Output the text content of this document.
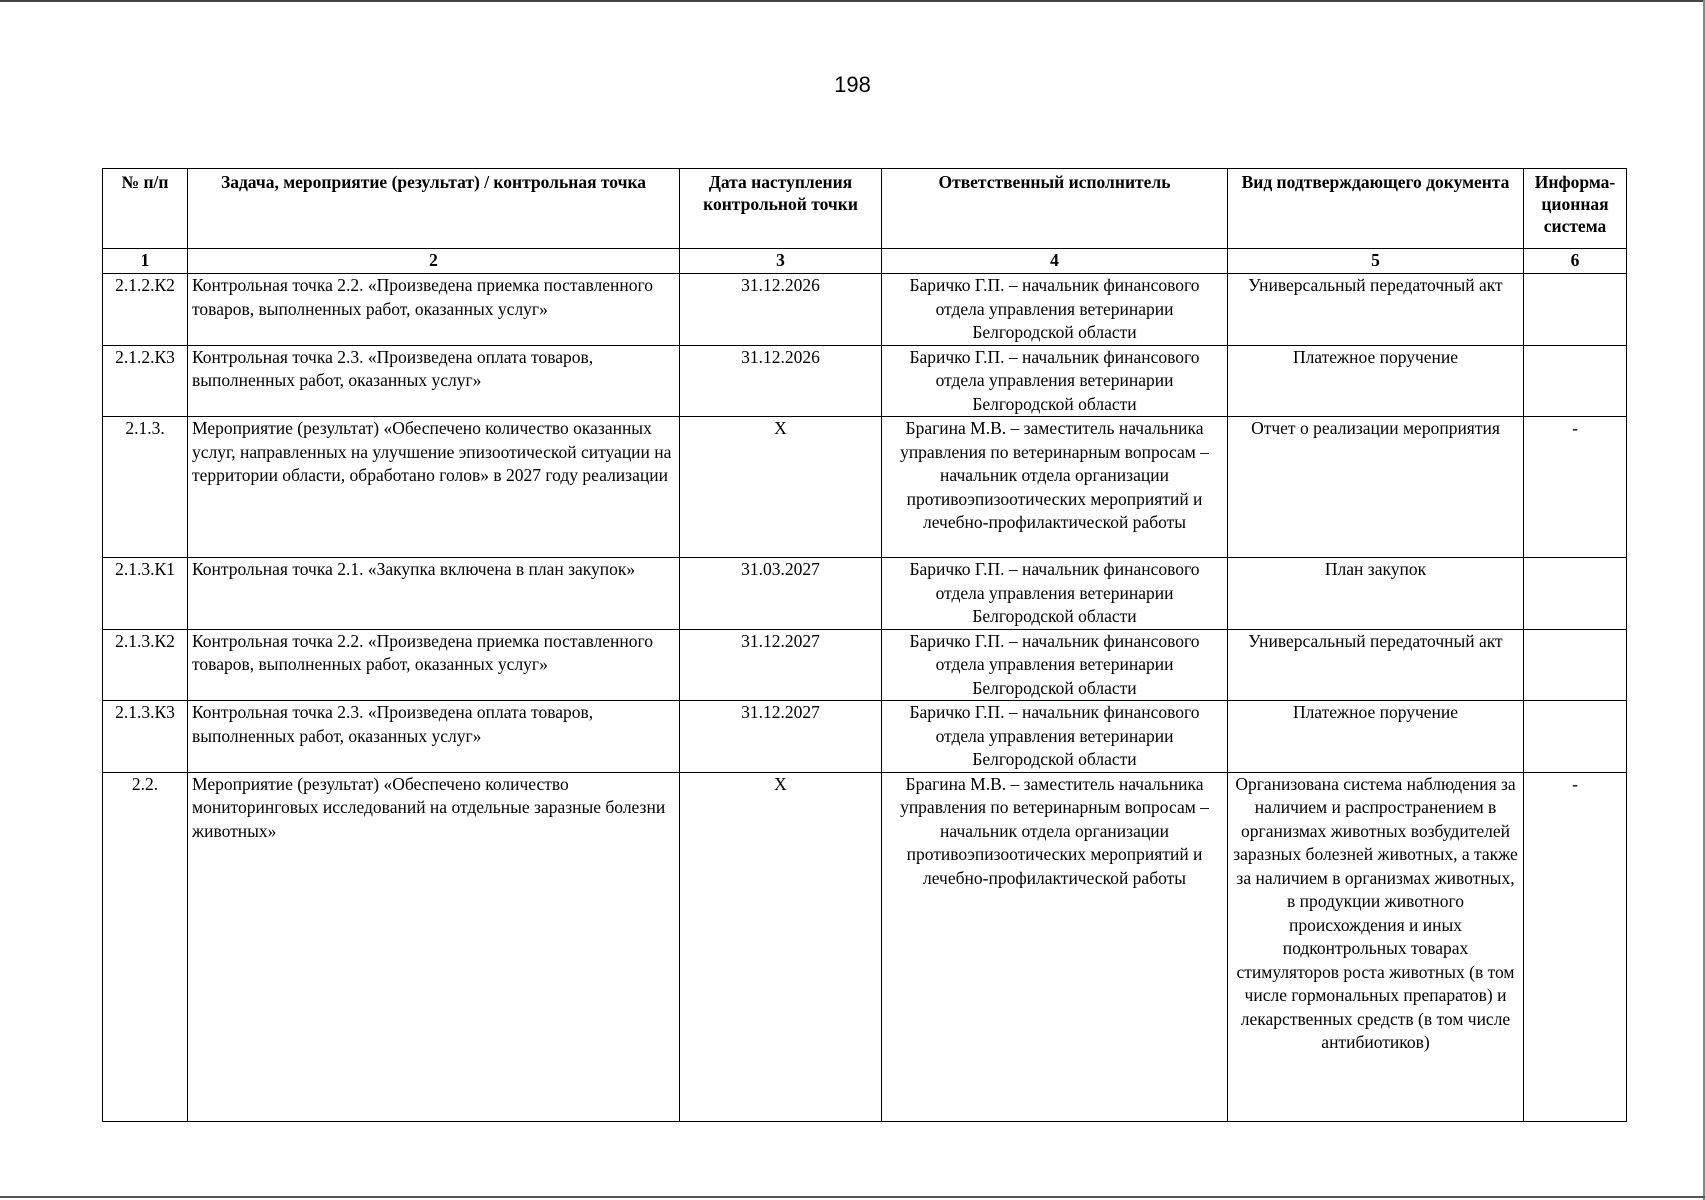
198
№ п/п	Задача, мероприятие (результат) / контрольная точка	Дата наступления контрольной точки	Ответственный исполнитель	Вид подтверждающего документа	Информа-ционная система
1	2	3	4	5	6
2.1.2.К2	Контрольная точка 2.2. «Произведена приемка поставленного товаров, выполненных работ, оказанных услуг»	31.12.2026	Баричко Г.П. – начальник финансового отдела управления ветеринарии Белгородской области	Универсальный передаточный акт	
2.1.2.К3	Контрольная точка 2.3. «Произведена оплата товаров, выполненных работ, оказанных услуг»	31.12.2026	Баричко Г.П. – начальник финансового отдела управления ветеринарии Белгородской области	Платежное поручение	
2.1.3.	Мероприятие (результат) «Обеспечено количество оказанных услуг, направленных на улучшение эпизоотической ситуации на территории области, обработано голов» в 2027 году реализации	Х	Брагина М.В. – заместитель начальника управления по ветеринарным вопросам – начальник отдела организации противоэпизоотических мероприятий и лечебно-профилактической работы	Отчет о реализации мероприятия	-
2.1.3.К1	Контрольная точка 2.1. «Закупка включена в план закупок»	31.03.2027	Баричко Г.П. – начальник финансового отдела управления ветеринарии Белгородской области	План закупок	
2.1.3.К2	Контрольная точка 2.2. «Произведена приемка поставленного товаров, выполненных работ, оказанных услуг»	31.12.2027	Баричко Г.П. – начальник финансового отдела управления ветеринарии Белгородской области	Универсальный передаточный акт	
2.1.3.К3	Контрольная точка 2.3. «Произведена оплата товаров, выполненных работ, оказанных услуг»	31.12.2027	Баричко Г.П. – начальник финансового отдела управления ветеринарии Белгородской области	Платежное поручение	
2.2.	Мероприятие (результат) «Обеспечено количество мониторинговых исследований на отдельные заразные болезни животных»	Х	Брагина М.В. – заместитель начальника управления по ветеринарным вопросам – начальник отдела организации противоэпизоотических мероприятий и лечебно-профилактической работы	Организована система наблюдения за наличием и распространением в организмах животных возбудителей заразных болезней животных, а также за наличием в организмах животных, в продукции животного происхождения и иных подконтрольных товарах стимуляторов роста животных (в том числе гормональных препаратов) и лекарственных средств (в том числе антибиотиков)	-
